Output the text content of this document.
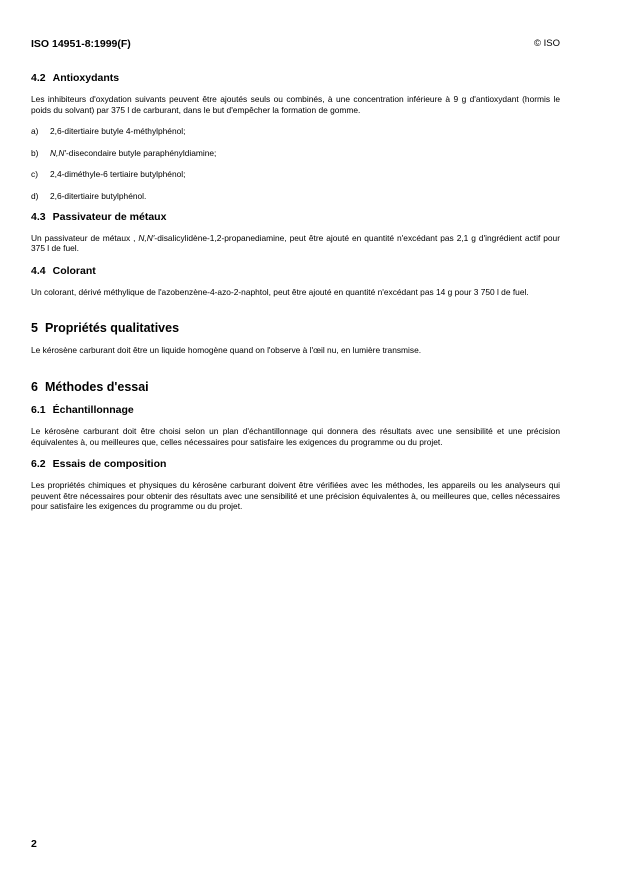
ISO 14951-8:1999(F)	© ISO
4.2 Antioxydants

Les inhibiteurs d'oxydation suivants peuvent être ajoutés seuls ou combinés, à une concentration inférieure à 9 g d'antioxydant (hormis le poids du solvant) par 375 l de carburant, dans le but d'empêcher la formation de gomme.

a)	2,6-ditertiaire butyle 4-méthylphénol;
b)	N,N′-disecondaire butyle paraphényldiamine;
c)	2,4-diméthyle-6 tertiaire butylphénol;
d)	2,6-ditertiaire butylphénol.
4.3 Passivateur de métaux

Un passivateur de métaux , N,N′-disalicylidène-1,2-propanediamine, peut être ajouté en quantité n'excédant pas 2,1 g d'ingrédient actif pour 375 l de fuel.

4.4 Colorant

Un colorant, dérivé méthylique de l'azobenzène-4-azo-2-naphtol, peut être ajouté en quantité n'excédant pas 14 g pour 3 750 l de fuel.

5 Propriétés qualitatives

Le kérosène carburant doit être un liquide homogène quand on l'observe à l'œil nu, en lumière transmise.

6 Méthodes d'essai
6.1 Échantillonnage

Le kérosène carburant doit être choisi selon un plan d'échantillonnage qui donnera des résultats avec une sensibilité et une précision équivalentes à, ou meilleures que, celles nécessaires pour satisfaire les exigences du programme ou du projet.

6.2 Essais de composition

Les propriétés chimiques et physiques du kérosène carburant doivent être vérifiées avec les méthodes, les appareils ou les analyseurs qui peuvent être nécessaires pour obtenir des résultats avec une sensibilité et une précision équivalentes à, ou meilleures que, celles nécessaires pour satisfaire les exigences du programme ou du projet.

2
